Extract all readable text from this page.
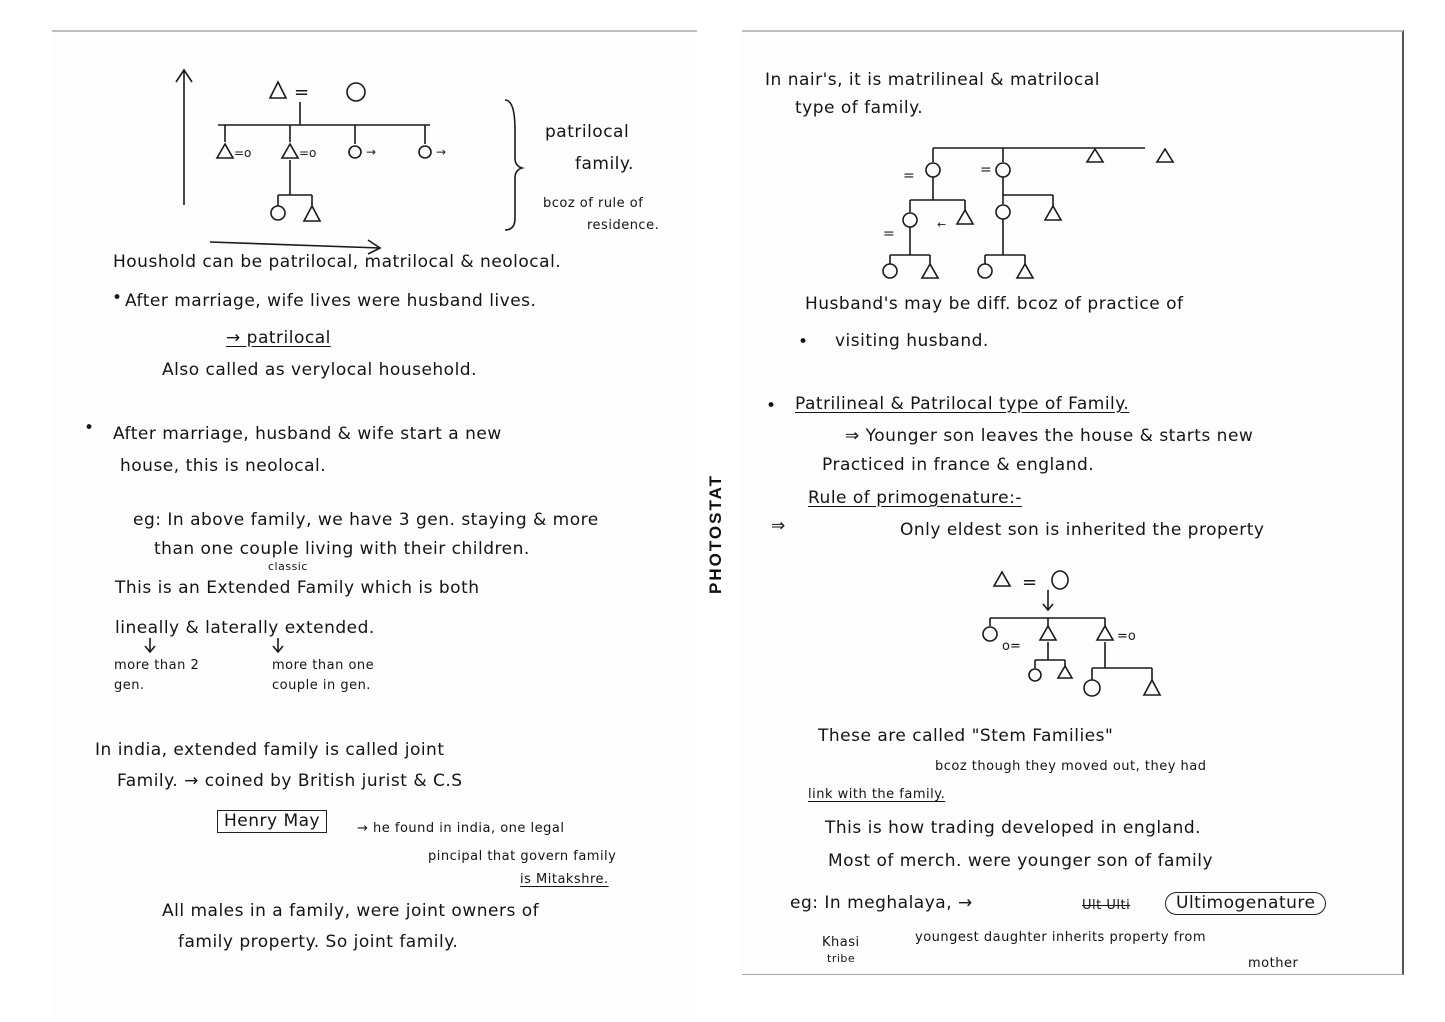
=
=o	=o	→	→
patrilocal
family.
bcoz of rule of
residence.
Houshold can be patrilocal, matrilocal & neolocal.
• After marriage, wife lives were husband lives.
→ patrilocal
Also called as verylocal household.
• After marriage, husband & wife start a new
house, this is neolocal.
eg: In above family, we have 3 gen. staying & more
than one couple living with their children.
classic
This is an Extended Family which is both
lineally & laterally extended.
more than 2 gen.
more than one couple in gen.
In india, extended family is called joint
Family. → coined by British jurist & C.S
Henry May	→ he found in india, one legal
pincipal that govern family
is Mitakshre.
All males in a family, were joint owners of
family property. So joint family.
PHOTOSTAT
In nair's, it is matrilineal & matrilocal
type of family.
=	=
=
←
Husband's may be diff. bcoz of practice of
• visiting husband.
• Patrilineal & Patrilocal type of Family.
⇒ Younger son leaves the house & starts new
Practiced in france & england.
Rule of primogenature:-
⇒	Only eldest son is inherited the property
=
o=
=o
These are called "Stem Families"
bcoz though they moved out, they had
link with the family.
This is how trading developed in england.
Most of merch. were younger son of family
eg: In meghalaya, →	Ult Ulti	Ultimogenature
Khasi
tribe
youngest daughter inherits property from
mother
